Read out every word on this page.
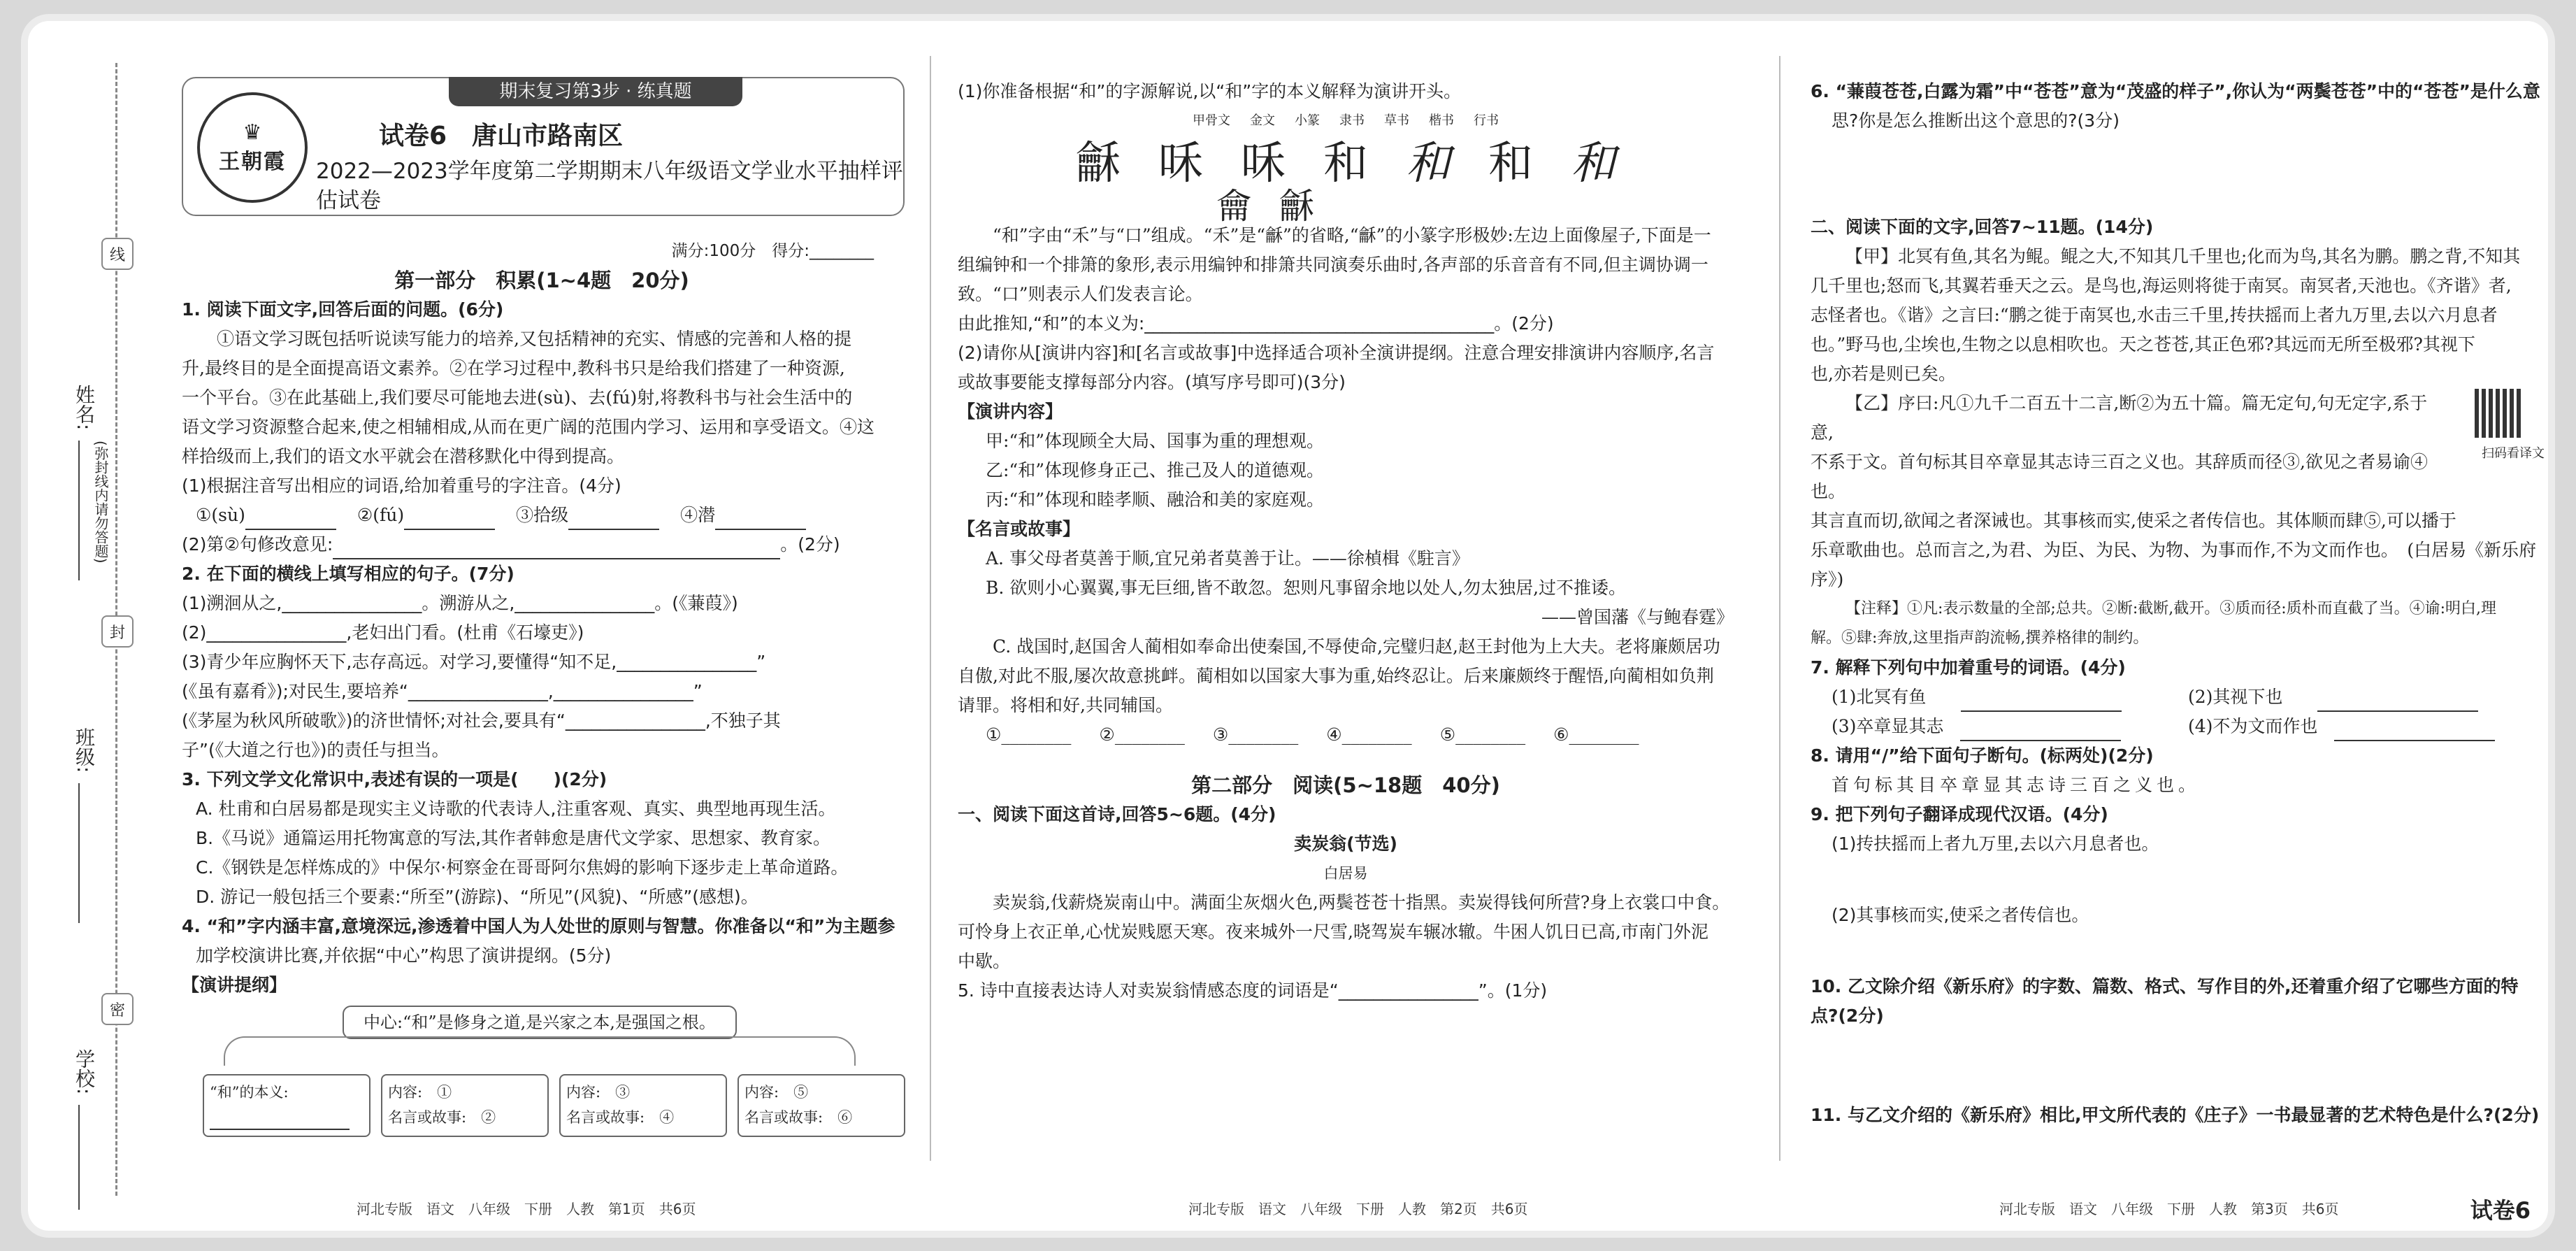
姓名:
(弥封线内请勿答题)
班级:
学校:
线
封
密
期末复习第3步 · 练真题
♛
王朝霞
试卷6　唐山市路南区
2022—2023学年度第二学期期末八年级语文学业水平抽样评估试卷
满分:100分　得分:________
第一部分　积累(1~4题　20分)
1. 阅读下面文字,回答后面的问题。(6分)
①语文学习既包括听说读写能力的培养,又包括精神的充实、情感的完善和人格的提
升,最终目的是全面提高语文素养。②在学习过程中,教科书只是给我们搭建了一种资源,
一个平台。③在此基础上,我们要尽可能地去进(sù)、去(fú)射,将教科书与社会生活中的
语文学习资源整合起来,使之相辅相成,从而在更广阔的范围内学习、运用和享受语文。④这
样拾级而上,我们的语文水平就会在潜移默化中得到提高。
(1)根据注音写出相应的词语,给加着重号的字注音。(4分)
①(sù)	②(fú)	③拾级	④潜
(2)第②句修改意见:	。(2分)
2. 在下面的横线上填写相应的句子。(7分)
(1)溯洄从之,________________。溯游从之,________________。(《蒹葭》)
(2)________________,老妇出门看。(杜甫《石壕吏》)
(3)青少年应胸怀天下,志存高远。对学习,要懂得“知不足,________________”
(《虽有嘉肴》);对民生,要培养“________________,________________”
(《茅屋为秋风所破歌》)的济世情怀;对社会,要具有“________________,不独子其
子”(《大道之行也》)的责任与担当。
3. 下列文学文化常识中,表述有误的一项是(　　)(2分)
A. 杜甫和白居易都是现实主义诗歌的代表诗人,注重客观、真实、典型地再现生活。
B.《马说》通篇运用托物寓意的写法,其作者韩愈是唐代文学家、思想家、教育家。
C.《钢铁是怎样炼成的》中保尔·柯察金在哥哥阿尔焦姆的影响下逐步走上革命道路。
D. 游记一般包括三个要素:“所至”(游踪)、“所见”(风貌)、“所感”(感想)。
4. “和”字内涵丰富,意境深远,渗透着中国人为人处世的原则与智慧。你准备以“和”为主题参
加学校演讲比赛,并依据“中心”构思了演讲提纲。(5分)
【演讲提纲】
中心:“和”是修身之道,是兴家之本,是强国之根。
“和”的本义:	内容:　①　　
名言或故事:　②
内容:　③　　
名言或故事:　④
内容:　⑤　　
名言或故事:　⑥
河北专版　语文　八年级　下册　人教　第1页　共6页
(1)你准备根据“和”的字源解说,以“和”字的本义解释为演讲开头。
甲骨文 金文 小篆 隶书 草书 楷书 行书
龢 咊 咊 和 和 和 和
龠 龢
“和”字由“禾”与“口”组成。“禾”是“龢”的省略,“龢”的小篆字形极妙:左边上面像屋子,下面是一
组编钟和一个排箫的象形,表示用编钟和排箫共同演奏乐曲时,各声部的乐音音有不同,但主调协调一
致。“口”则表示人们发表言论。
由此推知,“和”的本义为:________________________________________。(2分)
(2)请你从[演讲内容]和[名言或故事]中选择适合项补全演讲提纲。注意合理安排演讲内容顺序,名言
或故事要能支撑每部分内容。(填写序号即可)(3分)
【演讲内容】
甲:“和”体现顾全大局、国事为重的理想观。
乙:“和”体现修身正己、推己及人的道德观。
丙:“和”体现和睦孝顺、融洽和美的家庭观。
【名言或故事】
A. 事父母者莫善于顺,宜兄弟者莫善于让。——徐楨楫《駐言》
B. 欲则小心翼翼,事无巨细,皆不敢忽。恕则凡事留余地以处人,勿太独居,过不推诿。
——曾国藩《与鲍春霆》
C. 战国时,赵国舍人蔺相如奉命出使秦国,不辱使命,完璧归赵,赵王封他为上大夫。老将廉颇居功
自傲,对此不服,屡次故意挑衅。蔺相如以国家大事为重,始终忍让。后来廉颇终于醒悟,向蔺相如负荆
请罪。将相和好,共同辅国。
①________ ②________ ③________ ④________ ⑤________ ⑥________
第二部分　阅读(5~18题　40分)
一、阅读下面这首诗,回答5~6题。(4分)
卖炭翁(节选)
白居易
卖炭翁,伐薪烧炭南山中。满面尘灰烟火色,两鬓苍苍十指黑。卖炭得钱何所营?身上衣裳口中食。
可怜身上衣正单,心忧炭贱愿天寒。夜来城外一尺雪,晓驾炭车辗冰辙。牛困人饥日已高,市南门外泥
中歇。
5. 诗中直接表达诗人对卖炭翁情感态度的词语是“________________”。(1分)
河北专版　语文　八年级　下册　人教　第2页　共6页
6. “蒹葭苍苍,白露为霜”中“苍苍”意为“茂盛的样子”,你认为“两鬓苍苍”中的“苍苍”是什么意
思?你是怎么推断出这个意思的?(3分)
二、阅读下面的文字,回答7~11题。(14分)
【甲】北冥有鱼,其名为鲲。鲲之大,不知其几千里也;化而为鸟,其名为鹏。鹏之背,不知其
几千里也;怒而飞,其翼若垂天之云。是鸟也,海运则将徙于南冥。南冥者,天池也。《齐谐》者,
志怪者也。《谐》之言曰:“鹏之徙于南冥也,水击三千里,抟扶摇而上者九万里,去以六月息者
也。”野马也,尘埃也,生物之以息相吹也。天之苍苍,其正色邪?其远而无所至极邪?其视下
也,亦若是则已矣。
【乙】序曰:凡①九千二百五十二言,断②为五十篇。篇无定句,句无定字,系于意,
不系于文。首句标其目卒章显其志诗三百之义也。其辞质而径③,欲见之者易谕④也。
其言直而切,欲闻之者深诫也。其事核而实,使采之者传信也。其体顺而肆⑤,可以播于
乐章歌曲也。总而言之,为君、为臣、为民、为物、为事而作,不为文而作也。　(白居易《新乐府序》)
扫码看译文
【注释】①凡:表示数量的全部;总共。②断:截断,截开。③质而径:质朴而直截了当。④谕:明白,理
解。⑤肆:奔放,这里指声韵流畅,撰养格律的制约。
7. 解释下列句中加着重号的词语。(4分)
(1)北冥有鱼	(2)其视下也
(3)卒章显其志	(4)不为文而作也
8. 请用“/”给下面句子断句。(标两处)(2分)
首句标其目卒章显其志诗三百之义也。
9. 把下列句子翻译成现代汉语。(4分)
(1)抟扶摇而上者九万里,去以六月息者也。
(2)其事核而实,使采之者传信也。
10. 乙文除介绍《新乐府》的字数、篇数、格式、写作目的外,还着重介绍了它哪些方面的特点?(2分)
11. 与乙文介绍的《新乐府》相比,甲文所代表的《庄子》一书最显著的艺术特色是什么?(2分)
河北专版　语文　八年级　下册　人教　第3页　共6页	试卷6
